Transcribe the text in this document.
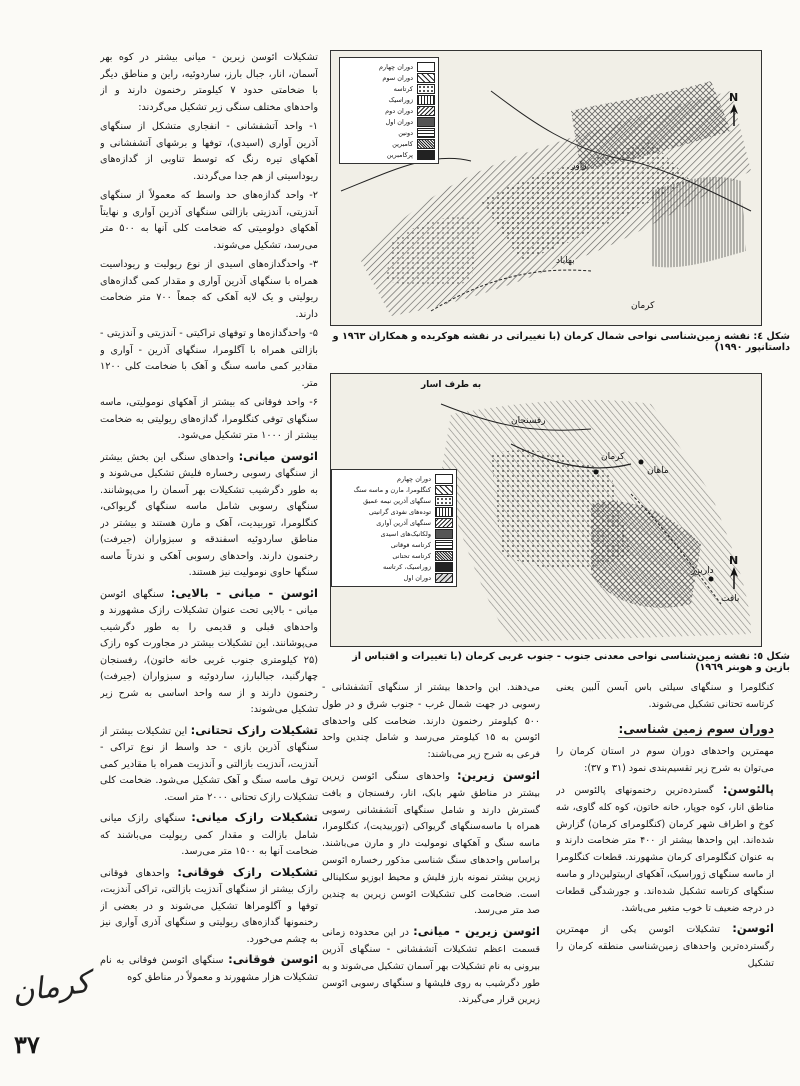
تشکیلات ائوسن زیرین - میانی بیشتر در کوه بهر آسمان، انار، جبال بارز، ساردوئیه، راین و مناطق دیگر با ضخامتی حدود ۷ کیلومتر رخنمون دارند و از واحدهای مختلف سنگی زیر تشکیل می‌گردند:

۱- واحد آتشفشانی - انفجاری متشکل از سنگهای آذرین آواری (اسیدی)، توفها و برشهای آتشفشانی و آهکهای تیره رنگ که توسط تناوبی از گدازه‌های ریوداسیتی از هم جدا می‌گردند.

۲- واحد گدازه‌های حد واسط که معمولاً از سنگهای آندزیتی، آندزیتی بازالتی سنگهای آذرین آواری و نهایتاً آهکهای دولومیتی که ضخامت کلی آنها به ۵۰۰ متر می‌رسد، تشکیل می‌شوند.

۳- واحدگدازه‌های اسیدی از نوع ریولیت و ریوداسیت همراه با سنگهای آذرین آواری و مقدار کمی گدازه‌های ریولیتی و یک لایه آهکی که جمعاً ۷۰۰ متر ضخامت دارند.

۵- واحدگدازه‌ها و توفهای تراکیتی - آندزیتی و آندزیتی - بازالتی همراه با آگلومرا، سنگهای آذرین - آواری و مقادیر کمی ماسه سنگ و آهک با ضخامت کلی ۱۲۰۰ متر.

۶- واحد فوقانی که بیشتر از آهکهای نومولیتی، ماسه سنگهای توفی کنگلومرا، گدازه‌های ریولیتی به ضخامت بیشتر از ۱۰۰۰ متر تشکیل می‌شود.

ائوسن میانی: واحدهای سنگی این بخش بیشتر از سنگهای رسوبی رخساره فلیش تشکیل می‌شوند و به طور دگرشیب تشکیلات بهر آسمان را می‌پوشانند. سنگهای رسوبی شامل ماسه سنگهای گریواکی، کنگلومرا، توربیدیت، آهک و مارن هستند و بیشتر در مناطق ساردوئیه اسفندقه و سبزواران (جیرفت) رخنمون دارند. واحدهای رسوبی آهکی و ندرتاً ماسه سنگها حاوی نومولیت نیز هستند.

ائوسن - میانی - بالایی: سنگهای ائوسن میانی - بالایی تحت عنوان تشکیلات رازک مشهورند و واحدهای قبلی و قدیمی را به طور دگرشیب می‌پوشانند. این تشکیلات بیشتر در مجاورت کوه رازک (۲۵ کیلومتری جنوب غربی خانه خاتون)، رفسنجان چهارگنبد، جبالبارز، ساردوئیه و سبزواران (جیرفت) رخنمون دارند و از سه واحد اساسی به شرح زیر تشکیل می‌شوند:

تشکیلات رازک تحتانی: این تشکیلات بیشتر از سنگهای آذرین بازی - حد واسط از نوع تراکی - آندزیت، آندزیت بازالتی و آندزیت همراه با مقادیر کمی توف ماسه سنگ و آهک تشکیل می‌شود. ضخامت کلی تشکیلات رازک تحتانی ۲۰۰۰ متر است.

تشکیلات رازک میانی: سنگهای رازک میانی شامل بازالت و مقدار کمی ریولیت می‌باشند که ضخامت آنها به ۱۵۰۰ متر می‌رسد.

تشکیلات رازک فوقانی: واحدهای فوقانی رازک بیشتر از سنگهای آندزیت بازالتی، تراکی آندزیت، توفها و آگلومراها تشکیل می‌شوند و در بعضی از رخنمونها گدازه‌های ریولیتی و سنگهای آذری آواری نیز به چشم می‌خورد.

ائوسن فوقانی: سنگهای ائوسن فوقانی به نام تشکیلات هزار مشهورند و معمولاً در مناطق کوه

دوران چهارم
دوران سوم
کرتاسه
زوراسیک
دوران دوم
دوران اول
دونین
کامبرین
پرکامبرین
N
راور
بهاباد
کرمان
شکل ٤: نقشه زمین‌شناسی نواحی شمال کرمان (با تغییراتی در نقشه هوکریده و همکاران ۱۹٦۳ و داستانپور ۱۹۹۰)
دوران چهارم
کنگلومرا، مارن و ماسه سنگ
سنگهای آذرین نیمه عمیق
توده‌های نفوذی گرانیتی
سنگهای آذرین آواری
ولکانیک‌های اسیدی
کرتاسه فوقانی
کرتاسه تحتانی
زوراسیک، کرتاسه
دوران اول
به طرف اسار
N
رفسنجان
کرمان
ماهان
داریزر
بافت
شکل ٥: نقشه زمین‌شناسی نواحی معدنی جنوب - جنوب غربی کرمان (با تغییرات و اقتباس از بازین و هوبنر ۱۹٦۹)

می‌دهند. این واحدها بیشتر از سنگهای آتشفشانی - رسوبی در جهت شمال غرب - جنوب شرق و در طول ۵۰۰ کیلومتر رخنمون دارند. ضخامت کلی واحدهای ائوسن به ۱۵ کیلومتر می‌رسد و شامل چندین واحد فرعی به شرح زیر می‌باشند:

ائوسن زیرین: واحدهای سنگی ائوسن زیرین بیشتر در مناطق شهر بابک، انار، رفسنجان و بافت گسترش دارند و شامل سنگهای آتشفشانی رسوبی همراه با ماسه‌سنگهای گریواکی (توربیدیت)، کنگلومرا، ماسه سنگ و آهکهای نومولیت دار و مارن می‌باشند. براساس واحدهای سنگ شناسی مذکور رخساره ائوسن زیرین بیشتر نمونه بارز فلیش و محیط ابوزیو سکلینالی است. ضخامت کلی تشکیلات ائوسن زیرین به چندین صد متر می‌رسد.

ائوسن زیرین - میانی: در این محدوده زمانی قسمت اعظم تشکیلات آتشفشانی - سنگهای آذرین بیرونی به نام تشکیلات بهر آسمان تشکیل می‌شوند و به طور دگرشیب به روی فلیشها و سنگهای رسوبی ائوسن زیرین قرار می‌گیرند.

کنگلومرا و سنگهای سیلتی باس آبسن آلبین یعنی کرتاسه تحتانی تشکیل می‌شوند.

دوران سوم زمین شناسی:

مهمترین واحدهای دوران سوم در استان کرمان را می‌توان به شرح زیر تقسیم‌بندی نمود (۳۱ و ۳۷):

پالئوسن: گسترده‌ترین رخنمونهای پالئوسن در مناطق انار، کوه جوپار، خانه خاتون، کوه کله گاوی، شه کوخ و اطراف شهر کرمان (کنگلومرای کرمان) گزارش شده‌اند. این واحدها بیشتر از ۴۰۰ متر ضخامت دارند و به عنوان کنگلومرای کرمان مشهورند. قطعات کنگلومرا از ماسه سنگهای ژوراسیک، آهکهای اربیتولین‌دار و ماسه سنگهای کرتاسه تشکیل شده‌اند. و جورشدگی قطعات در درجه ضعیف تا خوب متغیر می‌باشد.

ائوسن: تشکیلات ائوسن یکی از مهمترین رگسترده‌ترین واحدهای زمین‌شناسی منطقه کرمان را تشکیل

کرمان
۳۷
